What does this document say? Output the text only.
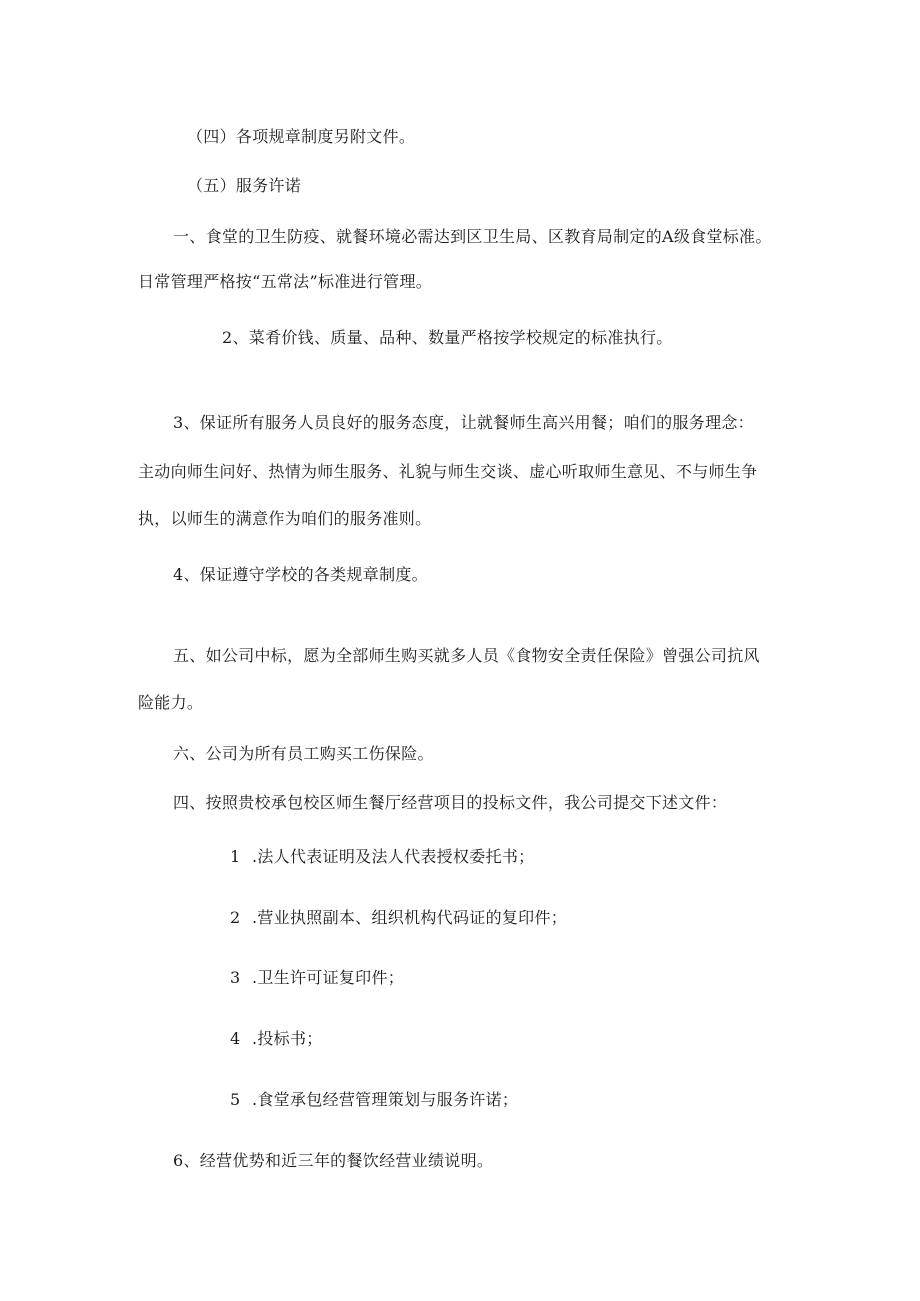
（四）各项规章制度另附文件。
（五）服务许诺
一、食堂的卫生防疫、就餐环境必需达到区卫生局、区教育局制定的A级食堂标准。
日常管理严格按“五常法”标准进行管理。
2、菜肴价钱、质量、品种、数量严格按学校规定的标准执行。
3、保证所有服务人员良好的服务态度，让就餐师生高兴用餐；咱们的服务理念：
主动向师生问好、热情为师生服务、礼貌与师生交谈、虚心听取师生意见、不与师生争
执，以师生的满意作为咱们的服务准则。
4、保证遵守学校的各类规章制度。
五、如公司中标，愿为全部师生购买就多人员《食物安全责任保险》曾强公司抗风
险能力。
六、公司为所有员工购买工伤保险。
四、按照贵校承包校区师生餐厅经营项目的投标文件，我公司提交下述文件：
1 .法人代表证明及法人代表授权委托书；
2 .营业执照副本、组织机构代码证的复印件；
3 .卫生许可证复印件；
4 .投标书；
5 .食堂承包经营管理策划与服务许诺；
6、经营优势和近三年的餐饮经营业绩说明。
